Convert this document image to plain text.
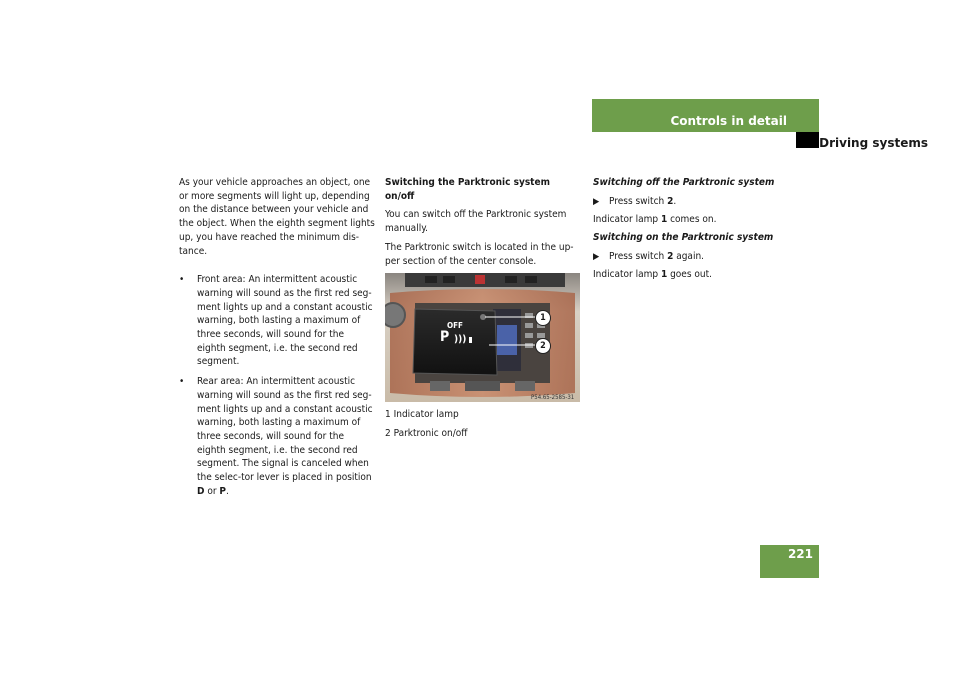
Controls in detail
Driving systems

As your vehicle approaches an object, one or more segments will light up, depending on the distance between your vehicle and the object. When the eighth segment lights up, you have reached the minimum dis-tance.

•	Front area: An intermittent acoustic warning will sound as the first red seg-ment lights up and a constant acoustic warning, both lasting a maximum of three seconds, will sound for the eighth segment, i.e. the second red segment.
•	Rear area: An intermittent acoustic warning will sound as the first red seg-ment lights up and a constant acoustic warning, both lasting a maximum of three seconds, will sound for the eighth segment, i.e. the second red segment. The signal is canceled when the selec-tor lever is placed in position D or P.

Switching the Parktronic system on/off

You can switch off the Parktronic system manually.

The Parktronic switch is located in the up-per section of the center console.

OFF
P )))
1
2
P54.65-2585-31

1 Indicator lamp

2 Parktronic on/off

Switching off the Parktronic system

▶ Press switch 2.

Indicator lamp 1 comes on.

Switching on the Parktronic system

▶ Press switch 2 again.

Indicator lamp 1 goes out.

221
